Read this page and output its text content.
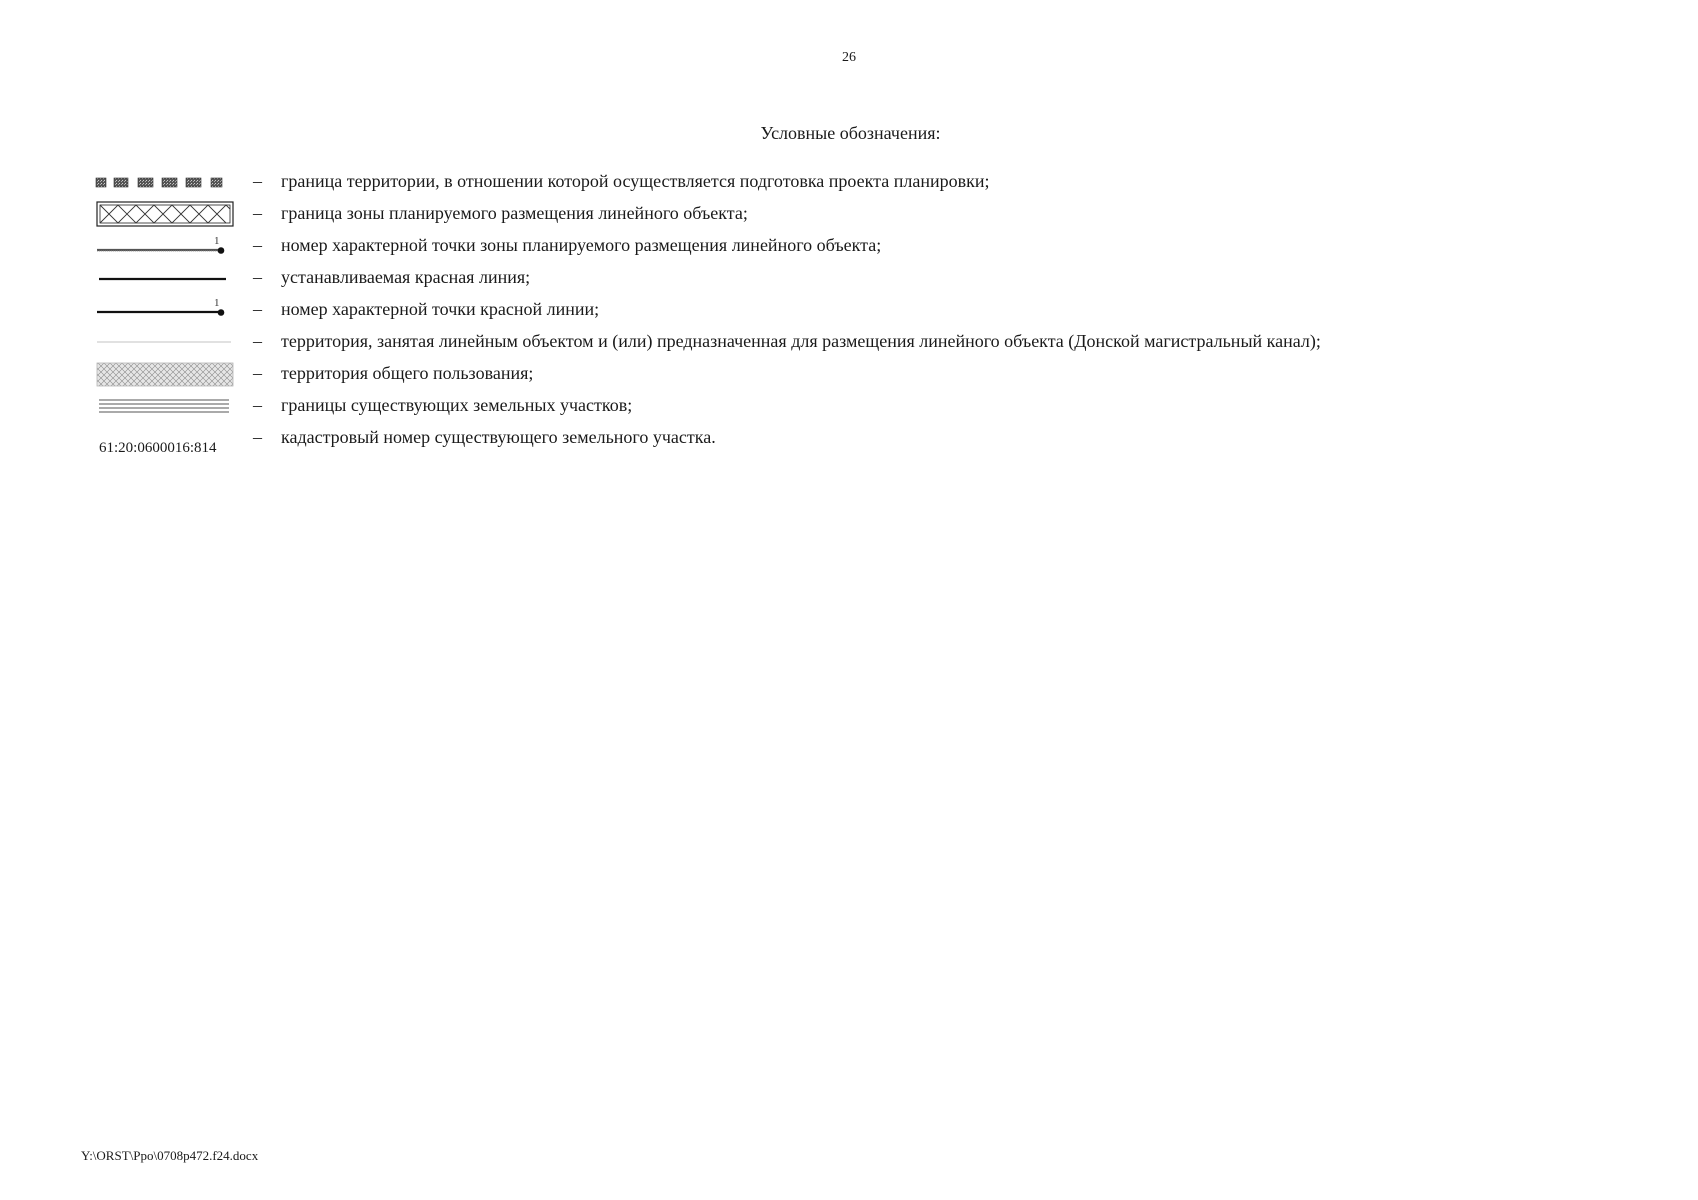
26
Условные обозначения:
– граница территории, в отношении которой осуществляется подготовка проекта планировки;
– граница зоны планируемого размещения линейного объекта;
1 – номер характерной точки зоны планируемого размещения линейного объекта;
– устанавливаемая красная линия;
1 – номер характерной точки красной линии;
– территория, занятая линейным объектом и (или) предназначенная для размещения линейного объекта (Донской магистральный канал);
– территория общего пользования;
– границы существующих земельных участков;
61:20:0600016:814
– кадастровый номер существующего земельного участка.
Y:\ORST\Ppo\0708p472.f24.docx
